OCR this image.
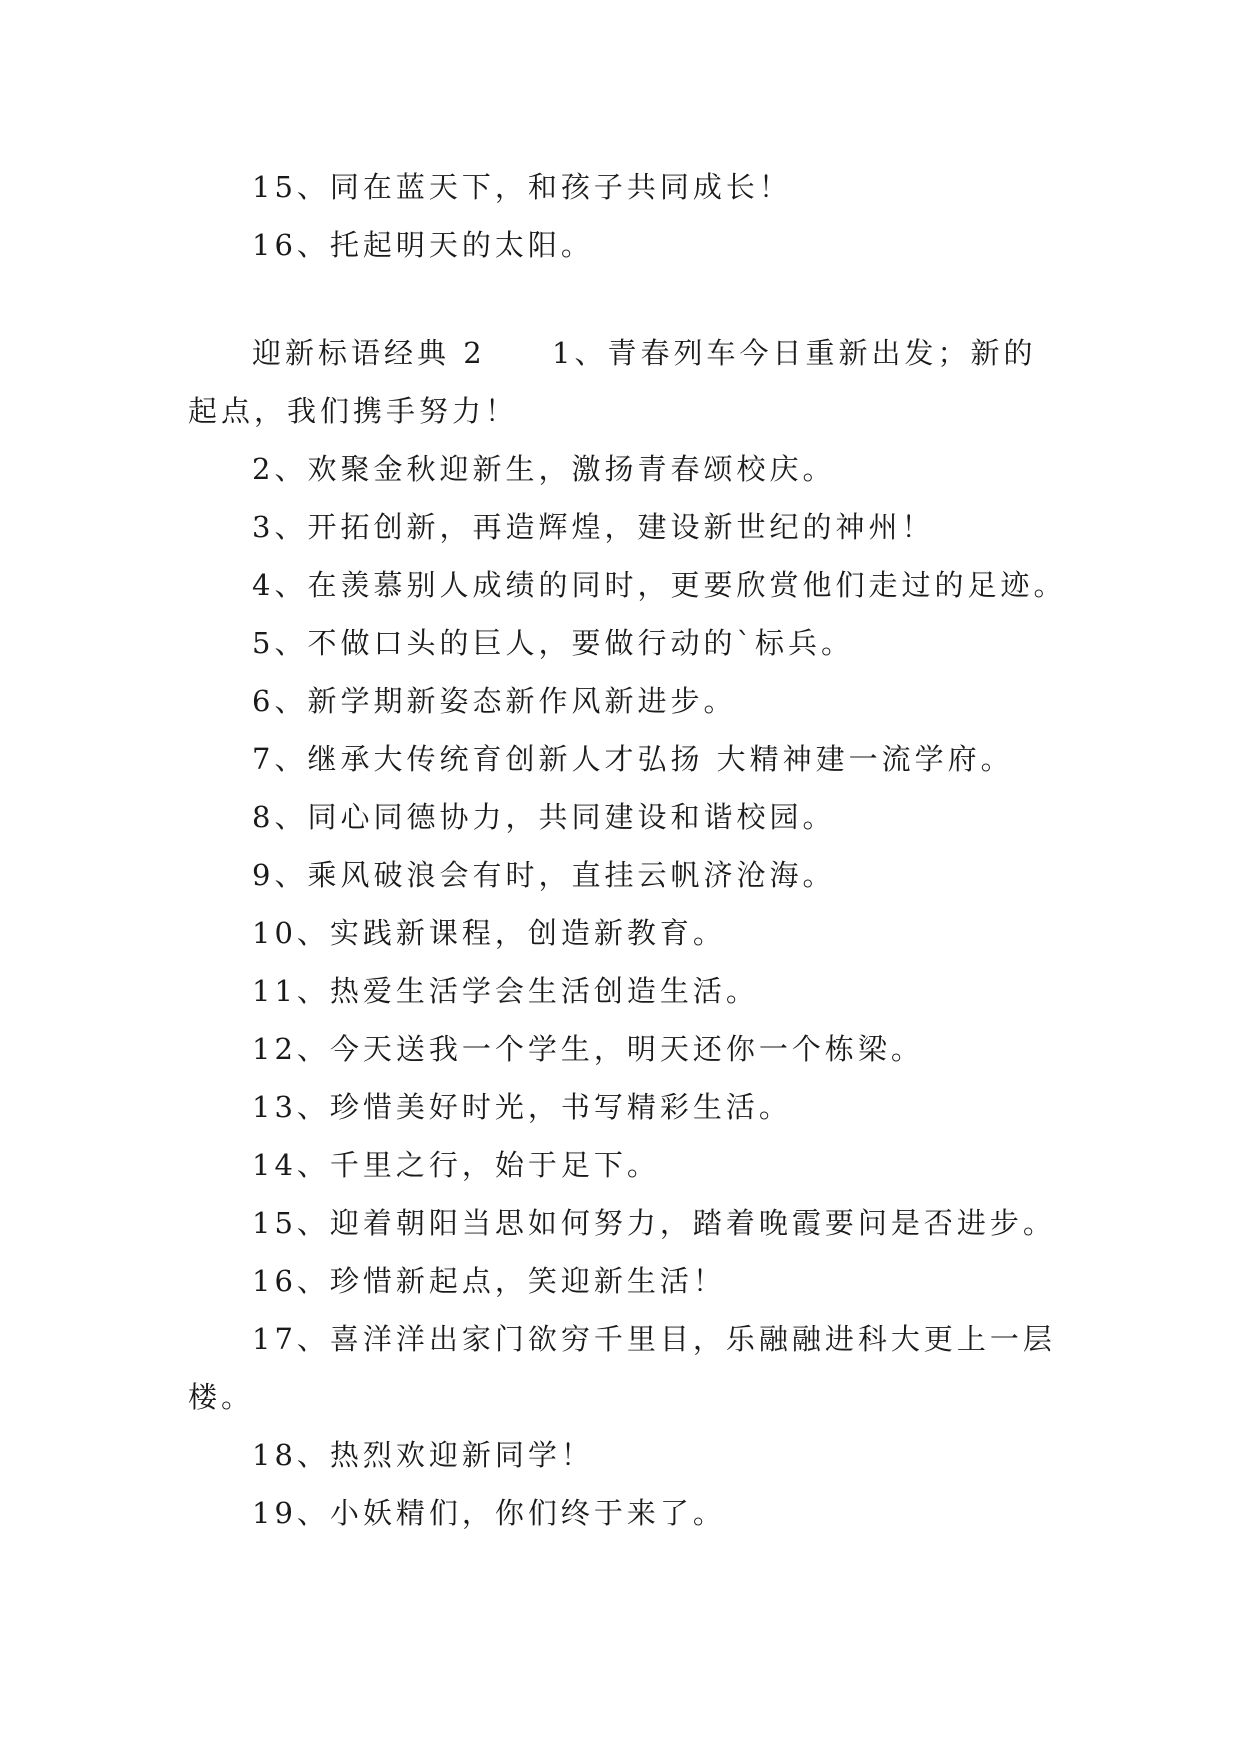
15、同在蓝天下，和孩子共同成长！

16、托起明天的太阳。

迎新标语经典 2 1、青春列车今日重新出发；新的起点，我们携手努力！

2、欢聚金秋迎新生，激扬青春颂校庆。

3、开拓创新，再造辉煌，建设新世纪的神州！

4、在羡慕别人成绩的同时，更要欣赏他们走过的足迹。

5、不做口头的巨人，要做行动的`标兵。

6、新学期新姿态新作风新进步。

7、继承大传统育创新人才弘扬 大精神建一流学府。

8、同心同德协力，共同建设和谐校园。

9、乘风破浪会有时，直挂云帆济沧海。

10、实践新课程，创造新教育。

11、热爱生活学会生活创造生活。

12、今天送我一个学生，明天还你一个栋梁。

13、珍惜美好时光，书写精彩生活。

14、千里之行，始于足下。

15、迎着朝阳当思如何努力，踏着晚霞要问是否进步。

16、珍惜新起点，笑迎新生活！

17、喜洋洋出家门欲穷千里目，乐融融进科大更上一层楼。

18、热烈欢迎新同学！

19、小妖精们，你们终于来了。
